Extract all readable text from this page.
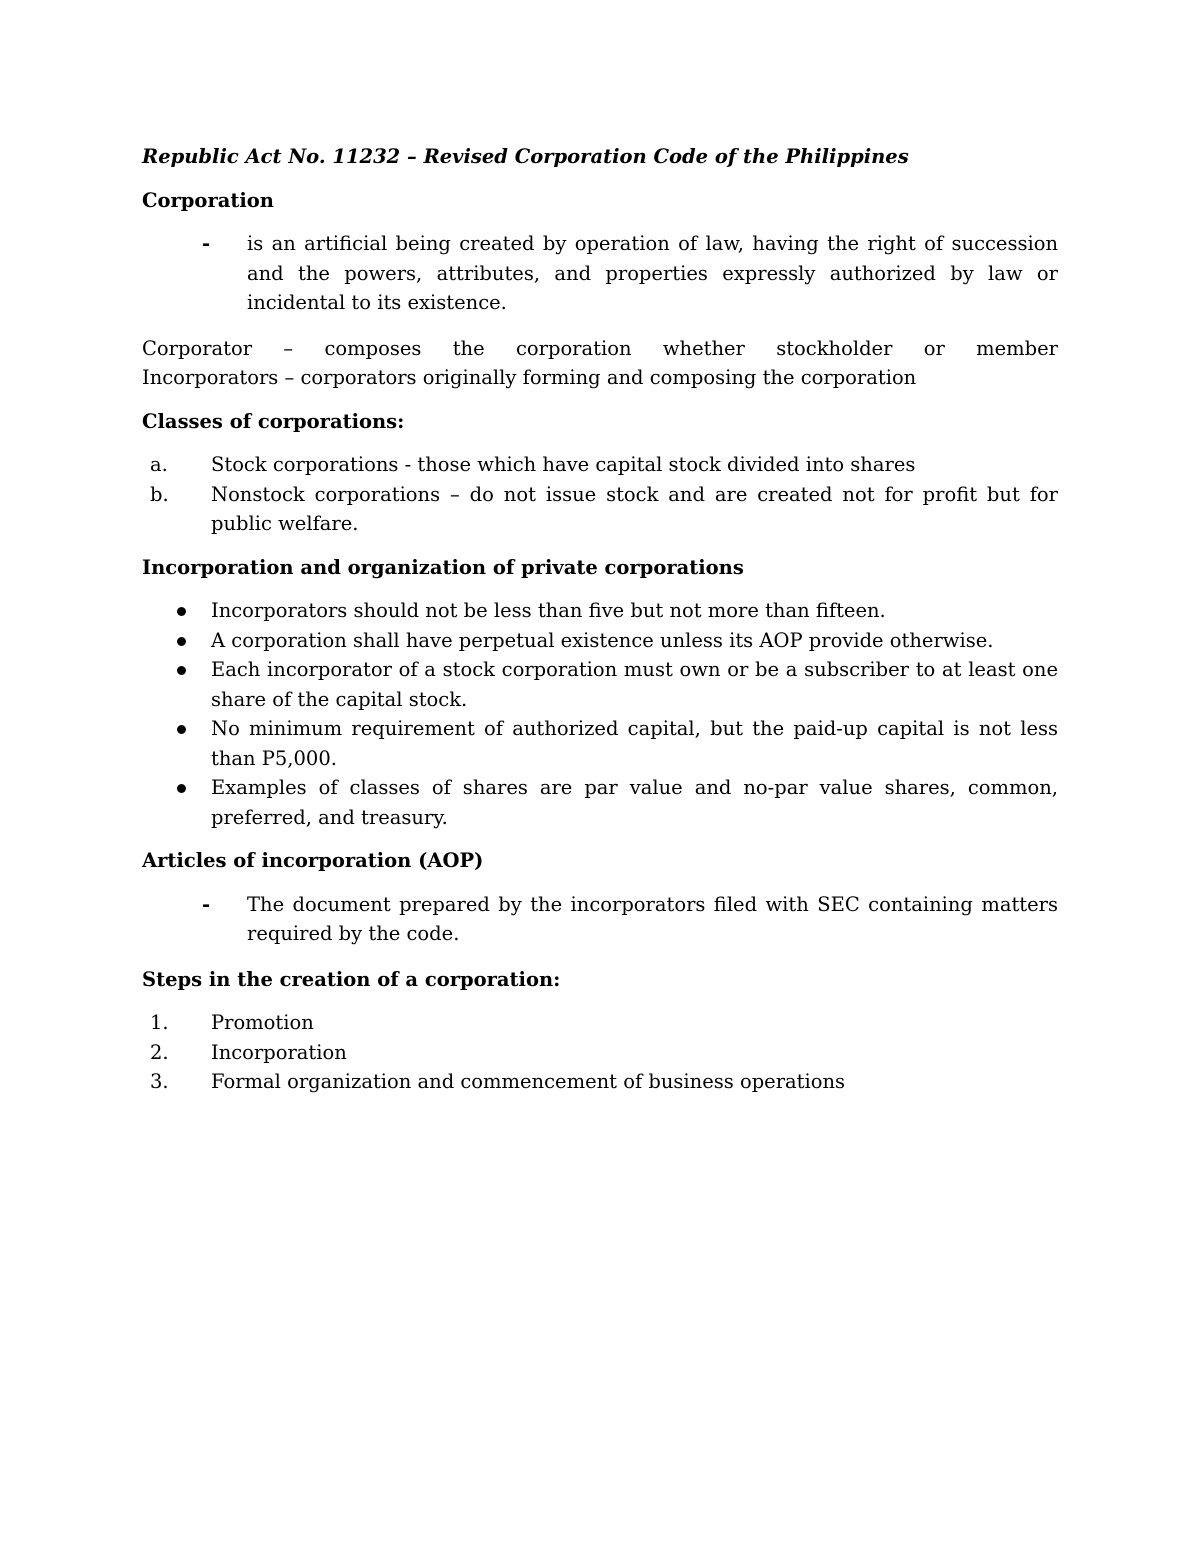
Republic Act No. 11232 – Revised Corporation Code of the Philippines

Corporation

- is an artificial being created by operation of law, having the right of succession and the powers, attributes, and properties expressly authorized by law or incidental to its existence.

Corporator – composes the corporation whether stockholder or member

Incorporators – corporators originally forming and composing the corporation

Classes of corporations:

a. Stock corporations - those which have capital stock divided into shares
b. Nonstock corporations – do not issue stock and are created not for profit but for public welfare.

Incorporation and organization of private corporations

Incorporators should not be less than five but not more than fifteen.
A corporation shall have perpetual existence unless its AOP provide otherwise.
Each incorporator of a stock corporation must own or be a subscriber to at least one share of the capital stock.
No minimum requirement of authorized capital, but the paid-up capital is not less than P5,000.
Examples of classes of shares are par value and no-par value shares, common, preferred, and treasury.

Articles of incorporation (AOP)

- The document prepared by the incorporators filed with SEC containing matters required by the code.

Steps in the creation of a corporation:

1. Promotion
2. Incorporation
3. Formal organization and commencement of business operations
